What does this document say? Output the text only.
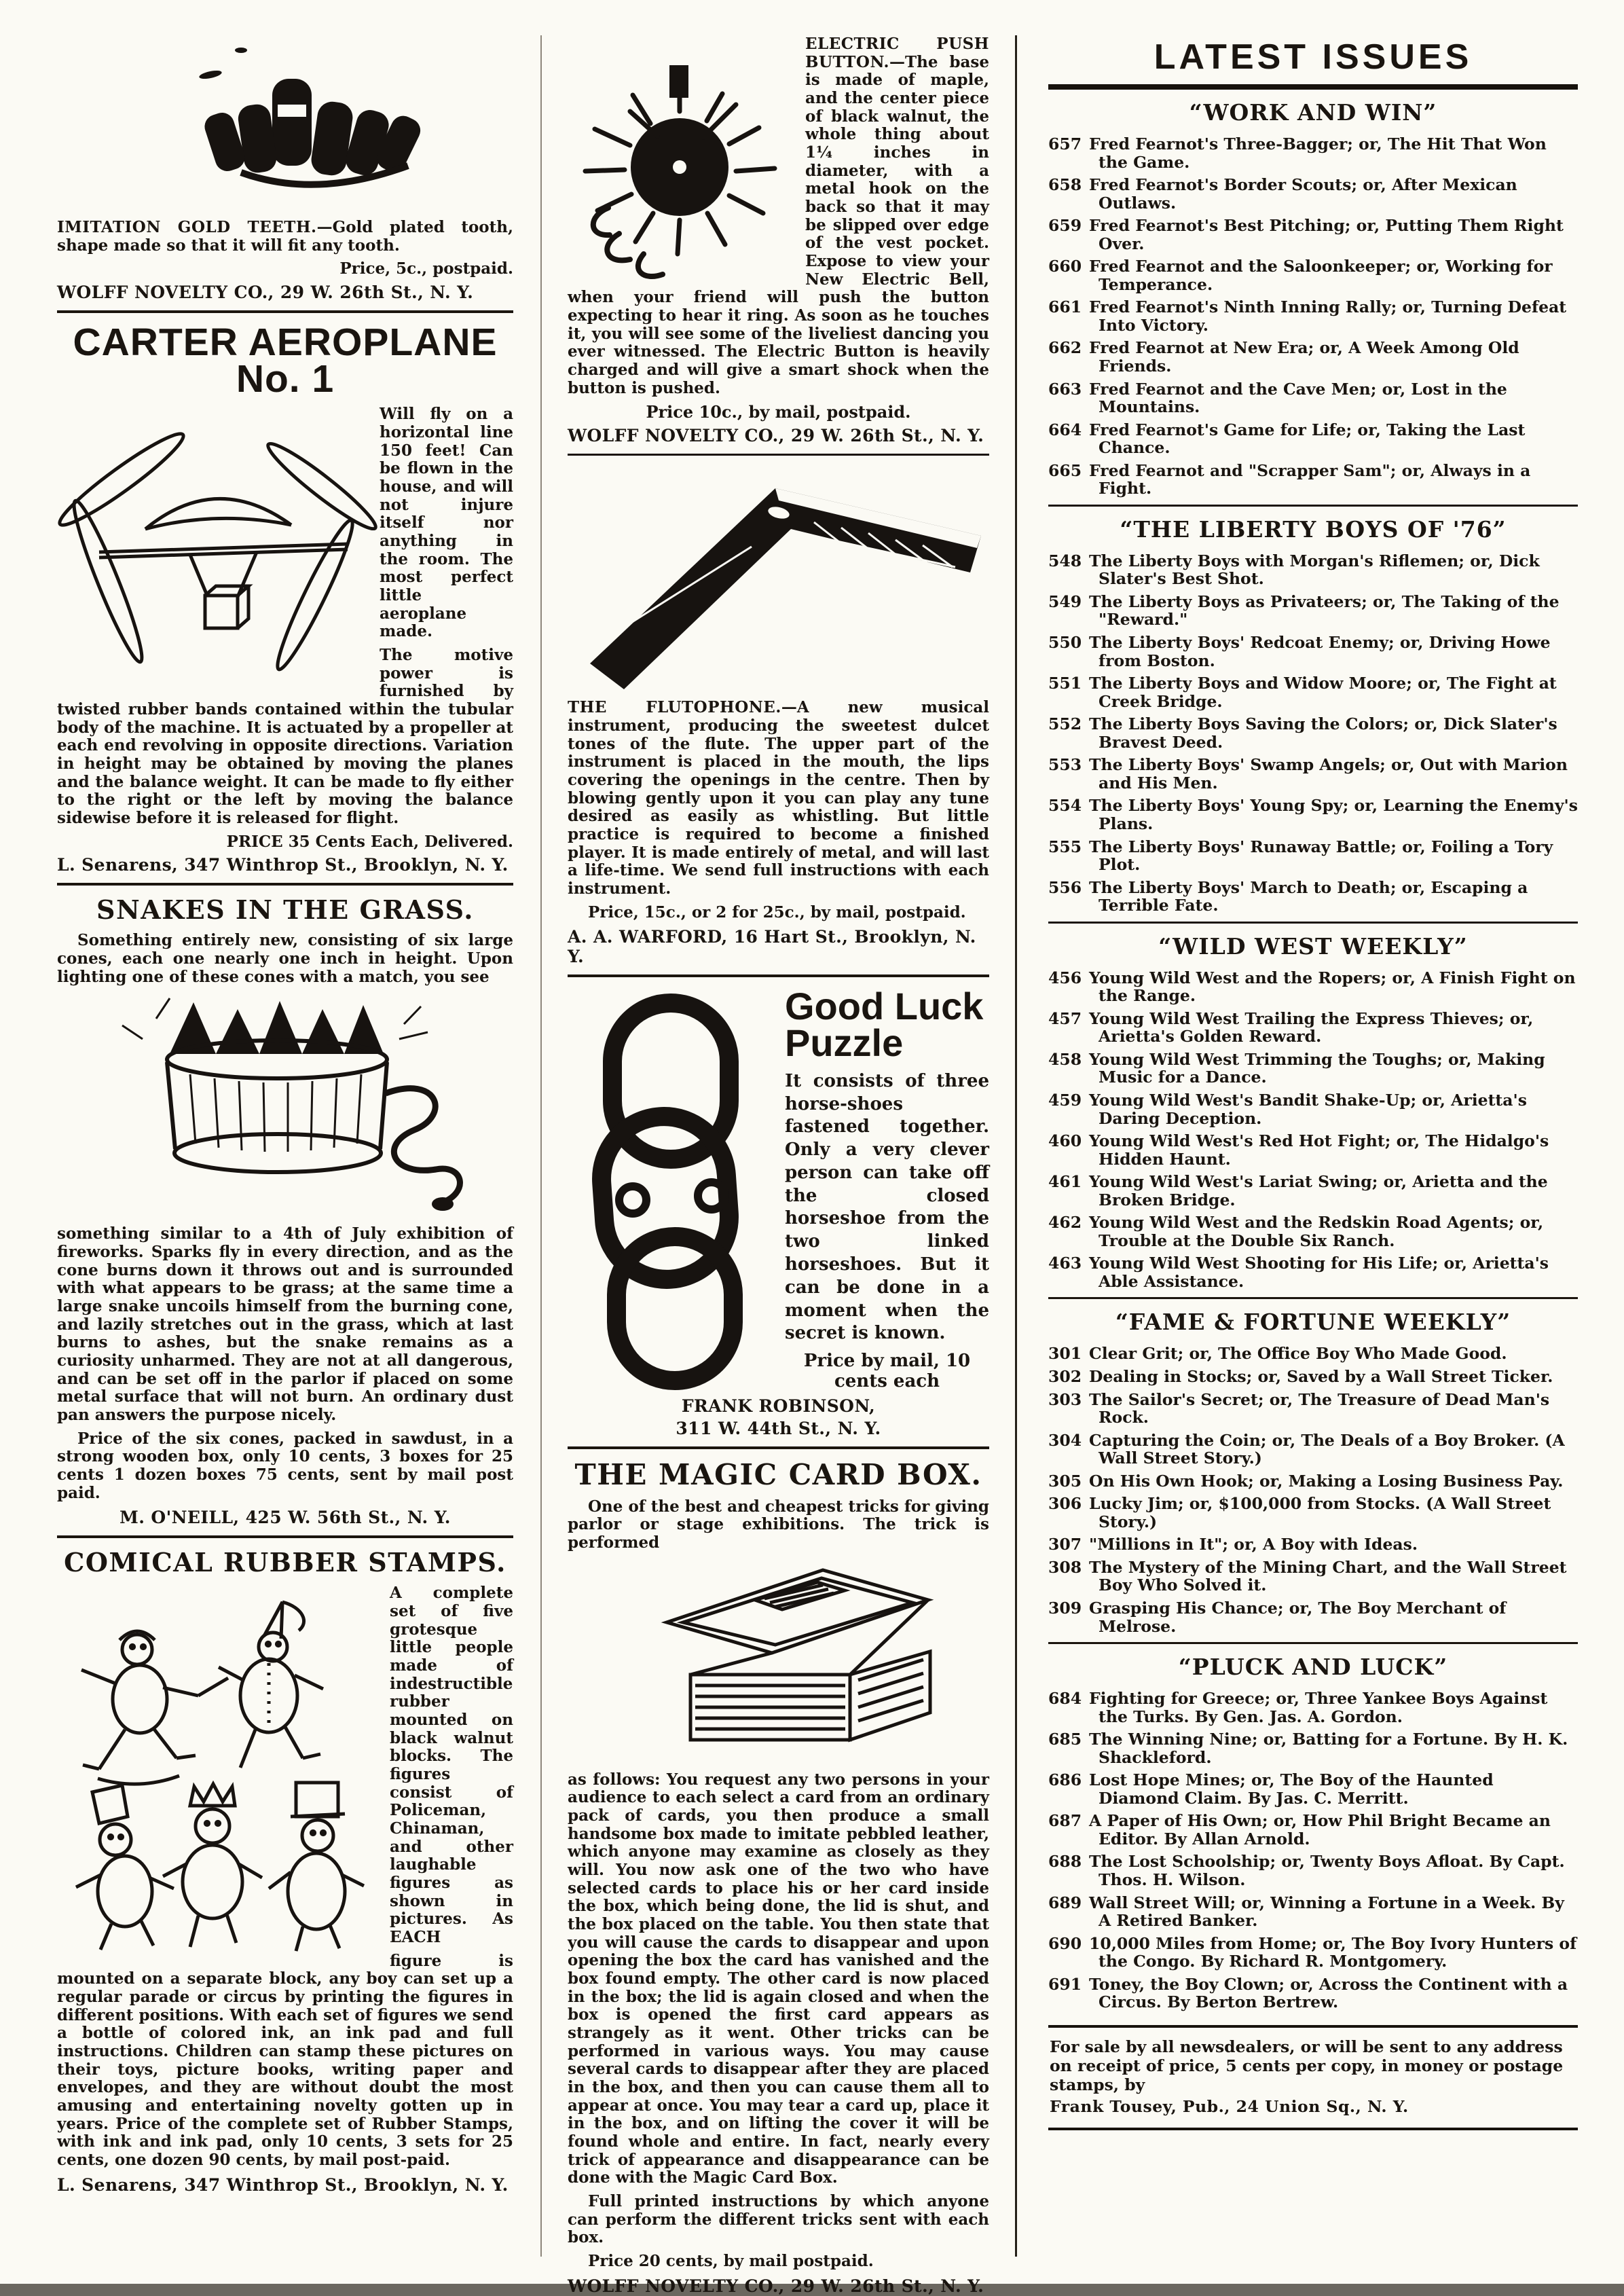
IMITATION GOLD TEETH.—Gold plated tooth, shape made so that it will fit any tooth.

Price, 5c., postpaid.

WOLFF NOVELTY CO., 29 W. 26th St., N. Y.

CARTER AEROPLANE No. 1

Will fly on a horizontal line 150 feet! Can be flown in the house, and will not injure itself nor anything in the room. The most perfect little aeroplane made.

The motive power is furnished by twisted rubber bands contained within the tubular body of the machine. It is actuated by a propeller at each end revolving in opposite directions. Variation in height may be obtained by moving the planes and the balance weight. It can be made to fly either to the right or the left by moving the balance sidewise before it is released for flight.

PRICE 35 Cents Each, Delivered.

L. Senarens, 347 Winthrop St., Brooklyn, N. Y.

SNAKES IN THE GRASS.

Something entirely new, consisting of six large cones, each one nearly one inch in height. Upon lighting one of these cones with a match, you see

something similar to a 4th of July exhibition of fireworks. Sparks fly in every direction, and as the cone burns down it throws out and is surrounded with what appears to be grass; at the same time a large snake uncoils himself from the burning cone, and lazily stretches out in the grass, which at last burns to ashes, but the snake remains as a curiosity unharmed. They are not at all dangerous, and can be set off in the parlor if placed on some metal surface that will not burn. An ordinary dust pan answers the purpose nicely.

Price of the six cones, packed in sawdust, in a strong wooden box, only 10 cents, 3 boxes for 25 cents 1 dozen boxes 75 cents, sent by mail post paid.

M. O'NEILL, 425 W. 56th St., N. Y.

COMICAL RUBBER STAMPS.

A complete set of five grotesque little people made of indestructible rubber mounted on black walnut blocks. The figures consist of Policeman, Chinaman, and other laughable figures as shown in pictures. As EACH

figure is mounted on a separate block, any boy can set up a regular parade or circus by printing the figures in different positions. With each set of figures we send a bottle of colored ink, an ink pad and full instructions. Children can stamp these pictures on their toys, picture books, writing paper and envelopes, and they are without doubt the most amusing and entertaining novelty gotten up in years. Price of the complete set of Rubber Stamps, with ink and ink pad, only 10 cents, 3 sets for 25 cents, one dozen 90 cents, by mail post-paid.

L. Senarens, 347 Winthrop St., Brooklyn, N. Y.

ELECTRIC PUSH BUTTON.—The base is made of maple, and the center piece of black walnut, the whole thing about 1¼ inches in diameter, with a metal hook on the back so that it may be slipped over edge of the vest pocket. Expose to view your New Electric Bell, when your friend will push the button expecting to hear it ring. As soon as he touches it, you will see some of the liveliest dancing you ever witnessed. The Electric Button is heavily charged and will give a smart shock when the button is pushed.

Price 10c., by mail, postpaid.

WOLFF NOVELTY CO., 29 W. 26th St., N. Y.

THE FLUTOPHONE.—A new musical instrument, producing the sweetest dulcet tones of the flute. The upper part of the instrument is placed in the mouth, the lips covering the openings in the centre. Then by blowing gently upon it you can play any tune desired as easily as whistling. But little practice is required to become a finished player. It is made entirely of metal, and will last a life-time. We send full instructions with each instrument.

Price, 15c., or 2 for 25c., by mail, postpaid.

A. A. WARFORD, 16 Hart St., Brooklyn, N. Y.

Good Luck Puzzle

It consists of three horse-shoes fastened together. Only a very clever person can take off the closed horseshoe from the two linked horseshoes. But it can be done in a moment when the secret is known.

Price by mail, 10 cents each

FRANK ROBINSON,

311 W. 44th St., N. Y.

THE MAGIC CARD BOX.

One of the best and cheapest tricks for giving parlor or stage exhibitions. The trick is performed

as follows: You request any two persons in your audience to each select a card from an ordinary pack of cards, you then produce a small handsome box made to imitate pebbled leather, which anyone may examine as closely as they will. You now ask one of the two who have selected cards to place his or her card inside the box, which being done, the lid is shut, and the box placed on the table. You then state that you will cause the cards to disappear and upon opening the box the card has vanished and the box found empty. The other card is now placed in the box; the lid is again closed and when the box is opened the first card appears as strangely as it went. Other tricks can be performed in various ways. You may cause several cards to disappear after they are placed in the box, and then you can cause them all to appear at once. You may tear a card up, place it in the box, and on lifting the cover it will be found whole and entire. In fact, nearly every trick of appearance and disappearance can be done with the Magic Card Box.

Full printed instructions by which anyone can perform the different tricks sent with each box.

Price 20 cents, by mail postpaid.

WOLFF NOVELTY CO., 29 W. 26th St., N. Y.

LATEST ISSUES
“WORK AND WIN”
657 Fred Fearnot's Three-Bagger; or, The Hit That Won the Game.
658 Fred Fearnot's Border Scouts; or, After Mexican Outlaws.
659 Fred Fearnot's Best Pitching; or, Putting Them Right Over.
660 Fred Fearnot and the Saloonkeeper; or, Working for Temperance.
661 Fred Fearnot's Ninth Inning Rally; or, Turning Defeat Into Victory.
662 Fred Fearnot at New Era; or, A Week Among Old Friends.
663 Fred Fearnot and the Cave Men; or, Lost in the Mountains.
664 Fred Fearnot's Game for Life; or, Taking the Last Chance.
665 Fred Fearnot and "Scrapper Sam"; or, Always in a Fight.
“THE LIBERTY BOYS OF '76”
548 The Liberty Boys with Morgan's Riflemen; or, Dick Slater's Best Shot.
549 The Liberty Boys as Privateers; or, The Taking of the "Reward."
550 The Liberty Boys' Redcoat Enemy; or, Driving Howe from Boston.
551 The Liberty Boys and Widow Moore; or, The Fight at Creek Bridge.
552 The Liberty Boys Saving the Colors; or, Dick Slater's Bravest Deed.
553 The Liberty Boys' Swamp Angels; or, Out with Marion and His Men.
554 The Liberty Boys' Young Spy; or, Learning the Enemy's Plans.
555 The Liberty Boys' Runaway Battle; or, Foiling a Tory Plot.
556 The Liberty Boys' March to Death; or, Escaping a Terrible Fate.
“WILD WEST WEEKLY”
456 Young Wild West and the Ropers; or, A Finish Fight on the Range.
457 Young Wild West Trailing the Express Thieves; or, Arietta's Golden Reward.
458 Young Wild West Trimming the Toughs; or, Making Music for a Dance.
459 Young Wild West's Bandit Shake-Up; or, Arietta's Daring Deception.
460 Young Wild West's Red Hot Fight; or, The Hidalgo's Hidden Haunt.
461 Young Wild West's Lariat Swing; or, Arietta and the Broken Bridge.
462 Young Wild West and the Redskin Road Agents; or, Trouble at the Double Six Ranch.
463 Young Wild West Shooting for His Life; or, Arietta's Able Assistance.
“FAME & FORTUNE WEEKLY”
301 Clear Grit; or, The Office Boy Who Made Good.
302 Dealing in Stocks; or, Saved by a Wall Street Ticker.
303 The Sailor's Secret; or, The Treasure of Dead Man's Rock.
304 Capturing the Coin; or, The Deals of a Boy Broker. (A Wall Street Story.)
305 On His Own Hook; or, Making a Losing Business Pay.
306 Lucky Jim; or, $100,000 from Stocks. (A Wall Street Story.)
307 "Millions in It"; or, A Boy with Ideas.
308 The Mystery of the Mining Chart, and the Wall Street Boy Who Solved it.
309 Grasping His Chance; or, The Boy Merchant of Melrose.
“PLUCK AND LUCK”
684 Fighting for Greece; or, Three Yankee Boys Against the Turks. By Gen. Jas. A. Gordon.
685 The Winning Nine; or, Batting for a Fortune. By H. K. Shackleford.
686 Lost Hope Mines; or, The Boy of the Haunted Diamond Claim. By Jas. C. Merritt.
687 A Paper of His Own; or, How Phil Bright Became an Editor. By Allan Arnold.
688 The Lost Schoolship; or, Twenty Boys Afloat. By Capt. Thos. H. Wilson.
689 Wall Street Will; or, Winning a Fortune in a Week. By A Retired Banker.
690 10,000 Miles from Home; or, The Boy Ivory Hunters of the Congo. By Richard R. Montgomery.
691 Toney, the Boy Clown; or, Across the Continent with a Circus. By Berton Bertrew.

For sale by all newsdealers, or will be sent to any address on receipt of price, 5 cents per copy, in money or postage stamps, by

Frank Tousey, Pub., 24 Union Sq., N. Y.
